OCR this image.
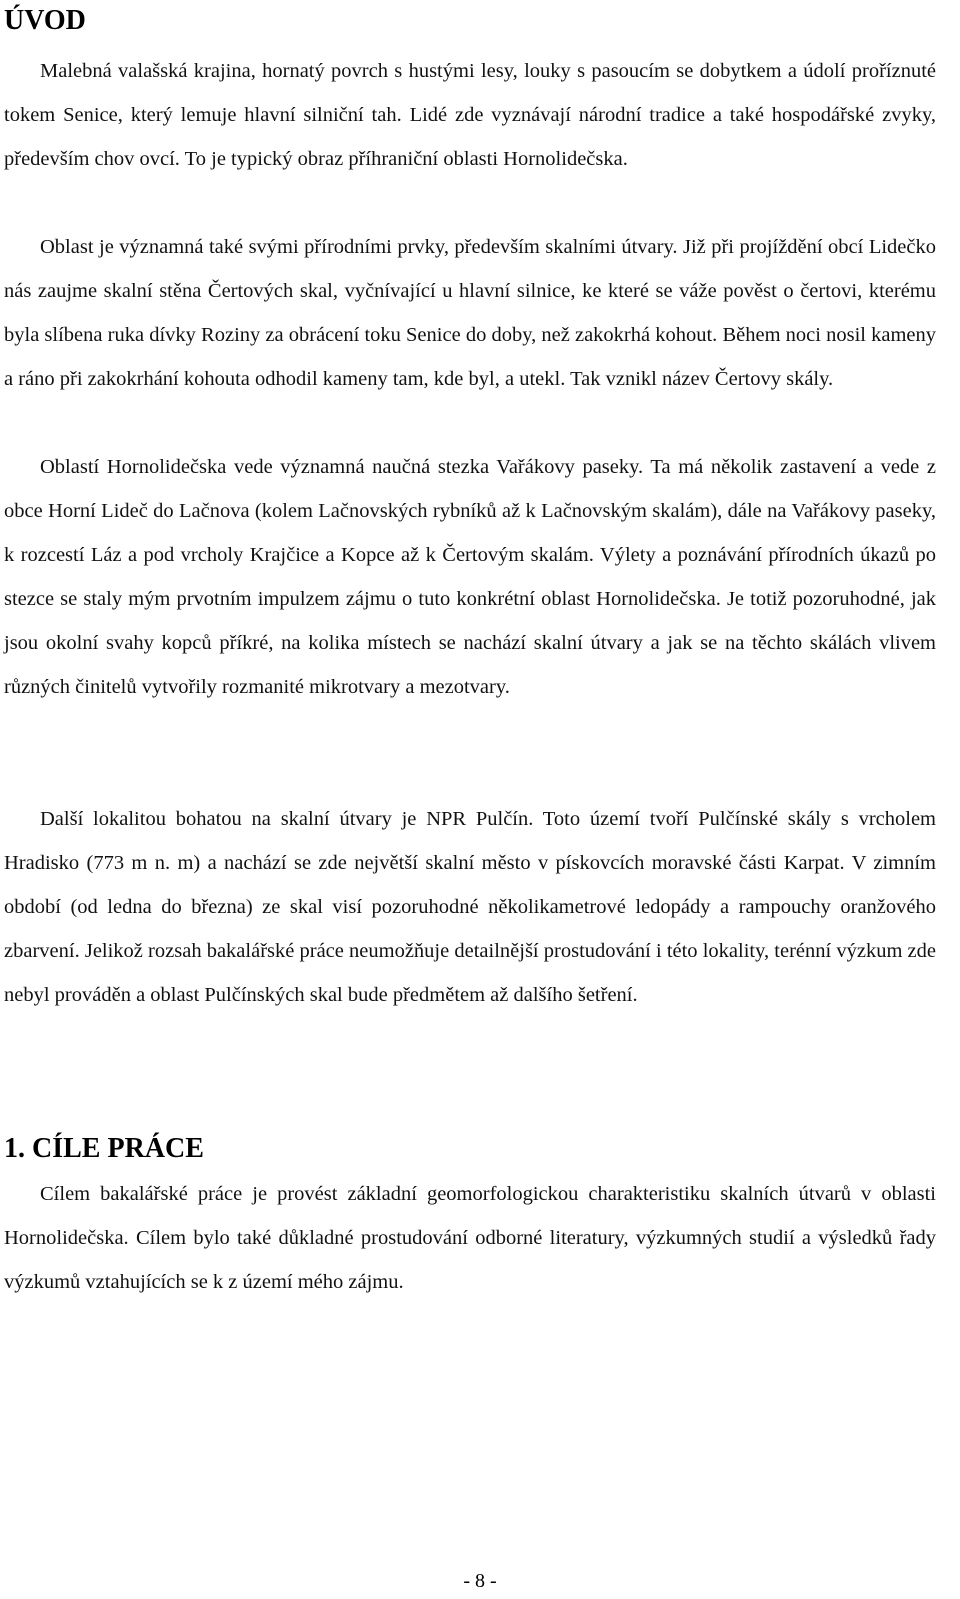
ÚVOD

Malebná valašská krajina, hornatý povrch s hustými lesy, louky s pasoucím se dobytkem a údolí proříznuté tokem Senice, který lemuje hlavní silniční tah. Lidé zde vyznávají národní tradice a také hospodářské zvyky, především chov ovcí. To je typický obraz příhraniční oblasti Hornolidečska.

Oblast je významná také svými přírodními prvky, především skalními útvary. Již při projíždění obcí Lidečko nás zaujme skalní stěna Čertových skal, vyčnívající u hlavní silnice, ke které se váže pověst o čertovi, kterému byla slíbena ruka dívky Roziny za obrácení toku Senice do doby, než zakokrhá kohout. Během noci nosil kameny a ráno při zakokrhání kohouta odhodil kameny tam, kde byl, a utekl. Tak vznikl název Čertovy skály.

Oblastí Hornolidečska vede významná naučná stezka Vařákovy paseky. Ta má několik zastavení a vede z obce Horní Lideč do Lačnova (kolem Lačnovských rybníků až k Lačnovským skalám), dále na Vařákovy paseky, k rozcestí Láz a pod vrcholy Krajčice a Kopce až k Čertovým skalám. Výlety a poznávání přírodních úkazů po stezce se staly mým prvotním impulzem zájmu o tuto konkrétní oblast Hornolidečska. Je totiž pozoruhodné, jak jsou okolní svahy kopců příkré, na kolika místech se nachází skalní útvary a jak se na těchto skálách vlivem různých činitelů vytvořily rozmanité mikrotvary a mezotvary.

Další lokalitou bohatou na skalní útvary je NPR Pulčín. Toto území tvoří Pulčínské skály s vrcholem Hradisko (773 m n. m) a nachází se zde největší skalní město v pískovcích moravské části Karpat. V zimním období (od ledna do března) ze skal visí pozoruhodné několikametrové ledopády a rampouchy oranžového zbarvení. Jelikož rozsah bakalářské práce neumožňuje detailnější prostudování i této lokality, terénní výzkum zde nebyl prováděn a oblast Pulčínských skal bude předmětem až dalšího šetření.

1. CÍLE PRÁCE

Cílem bakalářské práce je provést základní geomorfologickou charakteristiku skalních útvarů v oblasti Hornolidečska. Cílem bylo také důkladné prostudování odborné literatury, výzkumných studií a výsledků řady výzkumů vztahujících se k z území mého zájmu.

- 8 -
